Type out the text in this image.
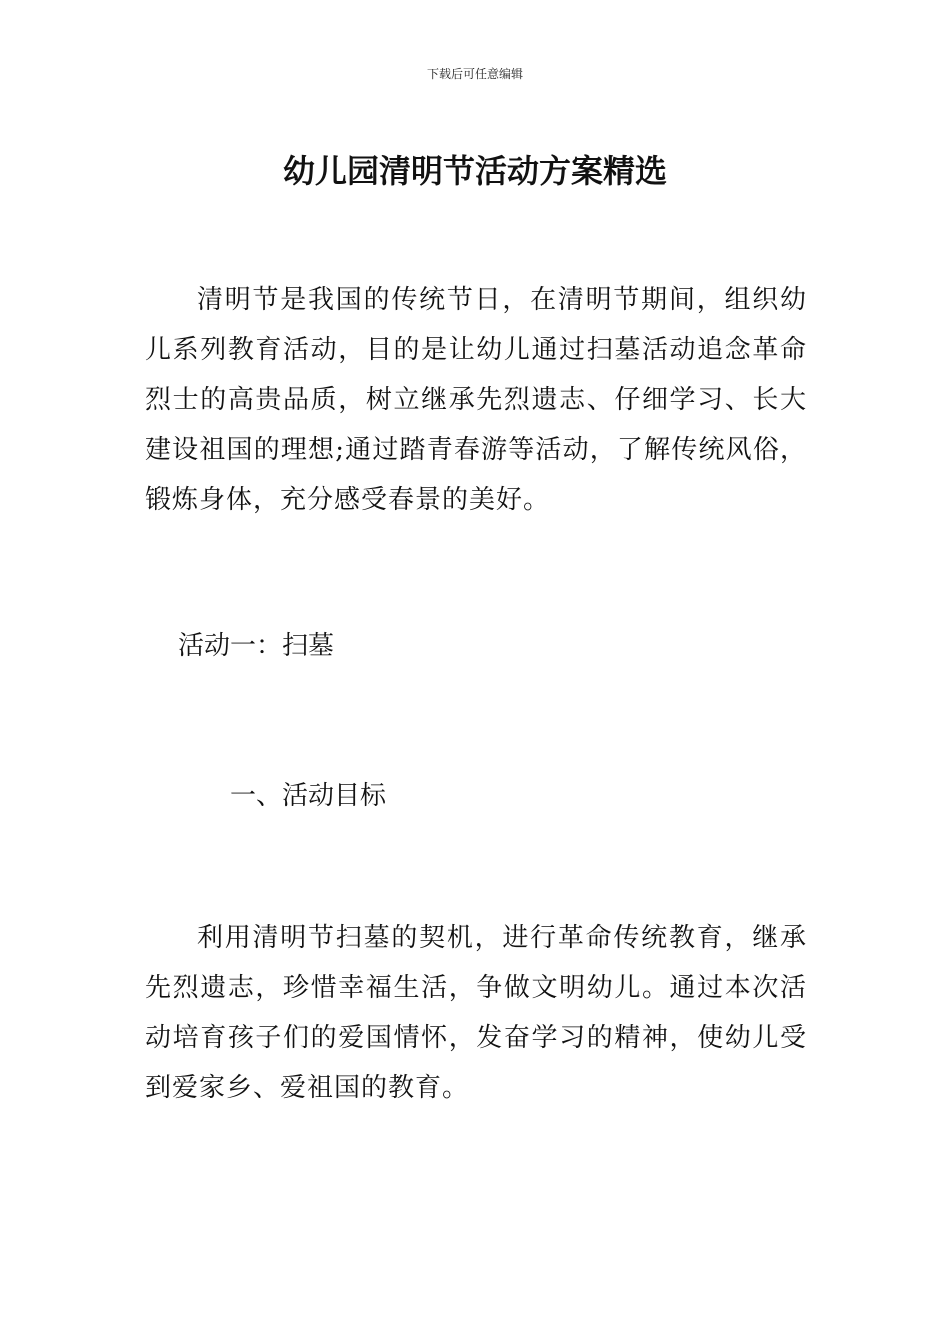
下载后可任意编辑
幼儿园清明节活动方案精选

清明节是我国的传统节日，在清明节期间，组织幼儿系列教育活动，目的是让幼儿通过扫墓活动追念革命烈士的高贵品质，树立继承先烈遗志、仔细学习、长大建设祖国的理想;通过踏青春游等活动，了解传统风俗，锻炼身体，充分感受春景的美好。

活动一：扫墓
一、活动目标

利用清明节扫墓的契机，进行革命传统教育，继承先烈遗志，珍惜幸福生活，争做文明幼儿。通过本次活动培育孩子们的爱国情怀，发奋学习的精神，使幼儿受到爱家乡、爱祖国的教育。
